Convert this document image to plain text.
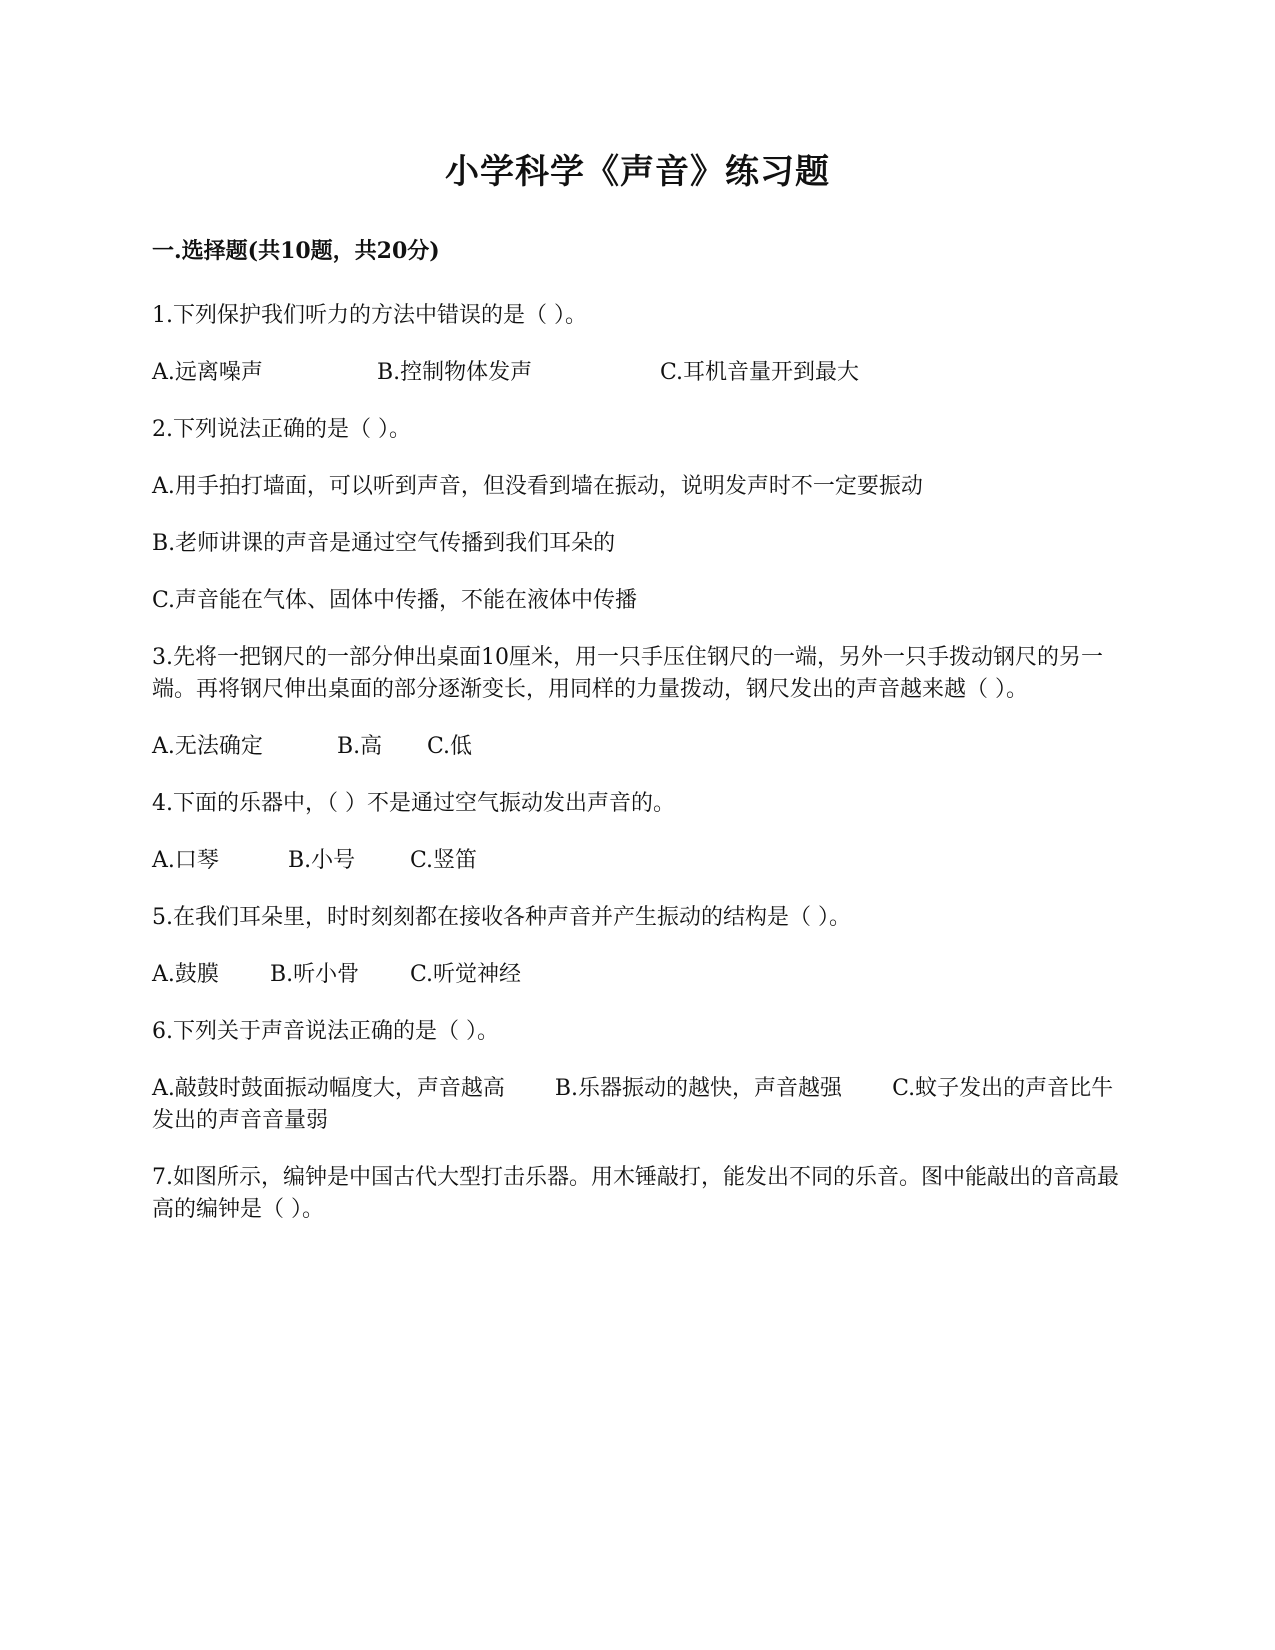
小学科学《声音》练习题
一.选择题(共10题，共20分)
1.下列保护我们听力的方法中错误的是（ ）。
A.远离噪声	B.控制物体发声	C.耳机音量开到最大
2.下列说法正确的是（ ）。
A.用手拍打墙面，可以听到声音，但没看到墙在振动，说明发声时不一定要振动
B.老师讲课的声音是通过空气传播到我们耳朵的
C.声音能在气体、固体中传播，不能在液体中传播
3.先将一把钢尺的一部分伸出桌面10厘米，用一只手压住钢尺的一端，另外一只手拨动钢尺的另一端。再将钢尺伸出桌面的部分逐渐变长，用同样的力量拨动，钢尺发出的声音越来越（ ）。
A.无法确定	B.高 C.低
4.下面的乐器中，（ ）不是通过空气振动发出声音的。
A.口琴	B.小号 C.竖笛
5.在我们耳朵里，时时刻刻都在接收各种声音并产生振动的结构是（ ）。
A.鼓膜 B.听小骨 C.听觉神经
6.下列关于声音说法正确的是（ ）。
A.敲鼓时鼓面振动幅度大，声音越高 B.乐器振动的越快，声音越强 C.蚊子发出的声音比牛发出的声音音量弱
7.如图所示，编钟是中国古代大型打击乐器。用木锤敲打，能发出不同的乐音。图中能敲出的音高最高的编钟是（ ）。
